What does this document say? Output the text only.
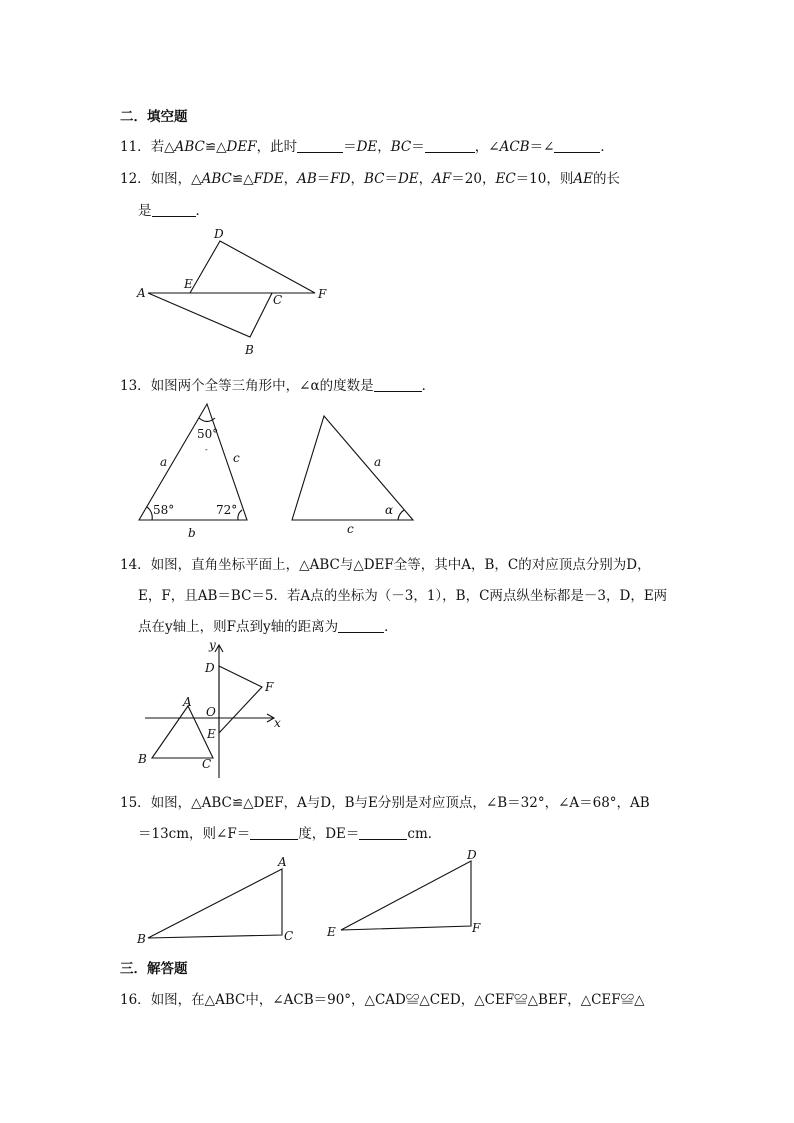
二．填空题
11．若△ABC≌△DEF，此时	＝DE，BC＝	，∠ACB＝∠	．
12．如图，△ABC≌△FDE，AB＝FD，BC＝DE，AF＝20，EC＝10，则AE的长
是	．
D
E
A	C	F
B
13．如图两个全等三角形中，∠α的度数是	．
50°
-
58°	72°
a	c
b
a
c
α
14．如图，直角坐标平面上，△ABC与△DEF全等，其中A，B，C的对应顶点分别为D，
E，F，且AB＝BC＝5．若A点的坐标为（－3，1），B，C两点纵坐标都是－3，D，E两
点在y轴上，则F点到y轴的距离为	．
y
x
D
F
A
O
E
B	C
15．如图，△ABC≌△DEF，A与D，B与E分别是对应顶点，∠B＝32°，∠A＝68°，AB
＝13cm，则∠F＝	度，DE＝	cm．
A
B	C
D
E	F
三．解答题
16．如图，在△ABC中，∠ACB＝90°，△CAD≌△CED，△CEF≌△BEF，△CEF≌△
